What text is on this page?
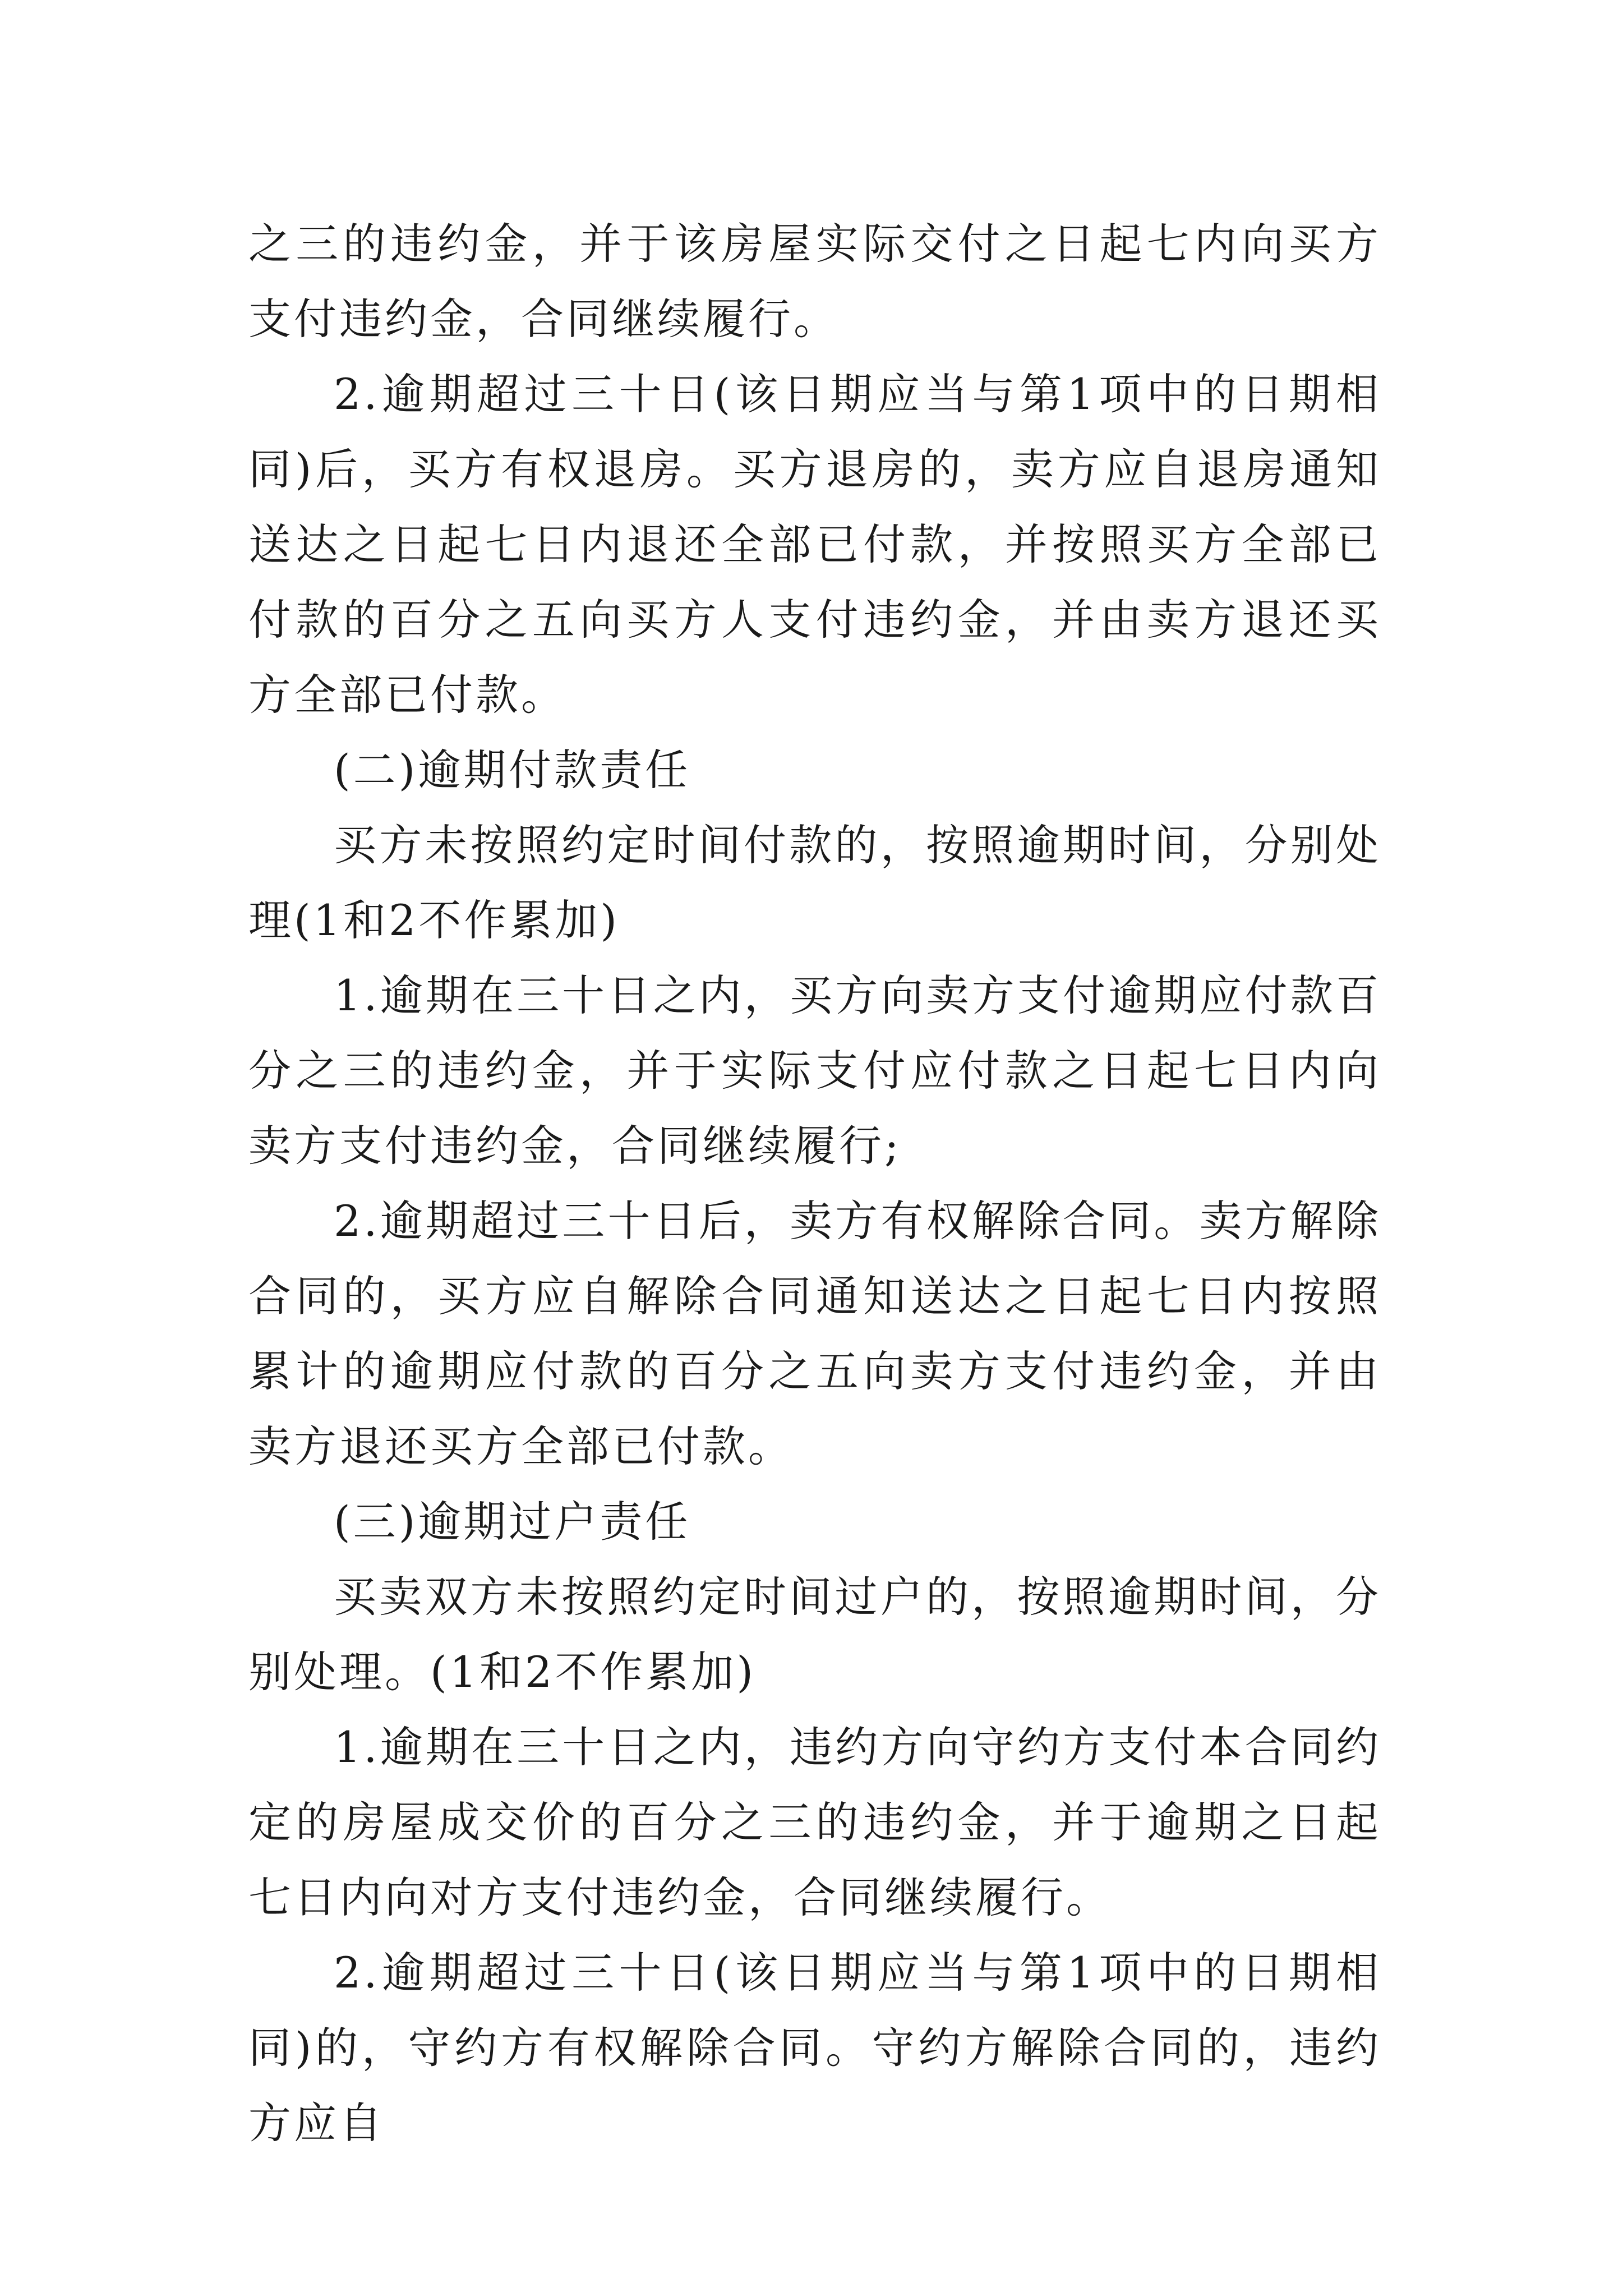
之三的违约金，并于该房屋实际交付之日起七内向买方支付违约金，合同继续履行。

2.逾期超过三十日(该日期应当与第1项中的日期相同)后，买方有权退房。买方退房的，卖方应自退房通知送达之日起七日内退还全部已付款，并按照买方全部已付款的百分之五向买方人支付违约金，并由卖方退还买方全部已付款。

(二)逾期付款责任

买方未按照约定时间付款的，按照逾期时间，分别处理(1和2不作累加)

1.逾期在三十日之内，买方向卖方支付逾期应付款百分之三的违约金，并于实际支付应付款之日起七日内向卖方支付违约金，合同继续履行;

2.逾期超过三十日后，卖方有权解除合同。卖方解除合同的，买方应自解除合同通知送达之日起七日内按照累计的逾期应付款的百分之五向卖方支付违约金，并由卖方退还买方全部已付款。

(三)逾期过户责任

买卖双方未按照约定时间过户的，按照逾期时间，分别处理。(1和2不作累加)

1.逾期在三十日之内，违约方向守约方支付本合同约定的房屋成交价的百分之三的违约金，并于逾期之日起七日内向对方支付违约金，合同继续履行。

2.逾期超过三十日(该日期应当与第1项中的日期相同)的，守约方有权解除合同。守约方解除合同的，违约方应自
